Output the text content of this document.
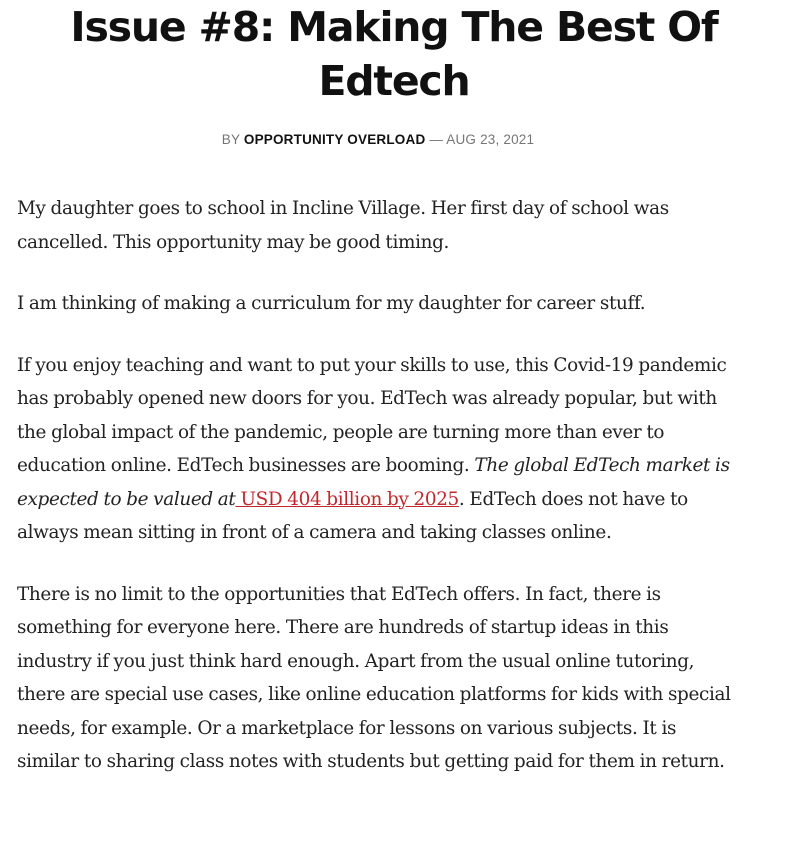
Issue #8: Making The Best Of Edtech
BY OPPORTUNITY OVERLOAD — AUG 23, 2021

My daughter goes to school in Incline Village. Her first day of school was cancelled. This opportunity may be good timing.

I am thinking of making a curriculum for my daughter for career stuff.

If you enjoy teaching and want to put your skills to use, this Covid-19 pandemic has probably opened new doors for you. EdTech was already popular, but with the global impact of the pandemic, people are turning more than ever to education online. EdTech businesses are booming. The global EdTech market is expected to be valued at USD 404 billion by 2025. EdTech does not have to always mean sitting in front of a camera and taking classes online.

There is no limit to the opportunities that EdTech offers. In fact, there is something for everyone here. There are hundreds of startup ideas in this industry if you just think hard enough. Apart from the usual online tutoring, there are special use cases, like online education platforms for kids with special needs, for example. Or a marketplace for lessons on various subjects. It is similar to sharing class notes with students but getting paid for them in return.
